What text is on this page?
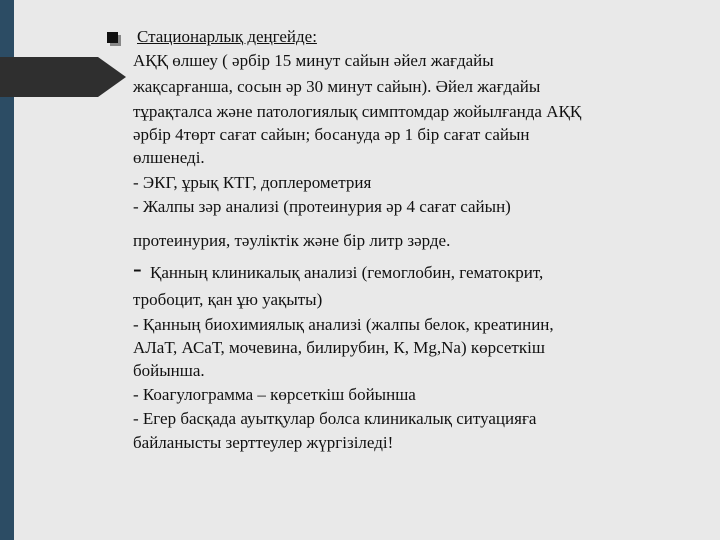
Стационарлық деңгейде:
АҚҚ өлшеу ( әрбір 15 минут сайын әйел жағдайы
жақсарғанша, сосын әр 30 минут сайын). Әйел жағдайы
тұрақталса және патологиялық симптомдар жойылғанда АҚҚ
әрбір 4төрт сағат сайын; босануда әр 1 бір сағат сайын
өлшенеді.
- ЭКГ, ұрық КТГ, доплерометрия
- Жалпы зәр анализі (протеинурия әр 4 сағат сайын)
протеинурия, тәуліктік және бір литр зәрде.
- Қанның клиникалық анализі (гемоглобин, гематокрит,
тробоцит, қан ұю уақыты)
- Қанның биохимиялық анализі (жалпы белок, креатинин,
АЛаТ, АСаТ, мочевина, билирубин, К, Mg,Na) көрсеткіш
бойынша.
- Коагулограмма – көрсеткіш бойынша
- Егер басқада ауытқулар болса клиникалық ситуацияға
байланысты зерттеулер жүргізіледі!
